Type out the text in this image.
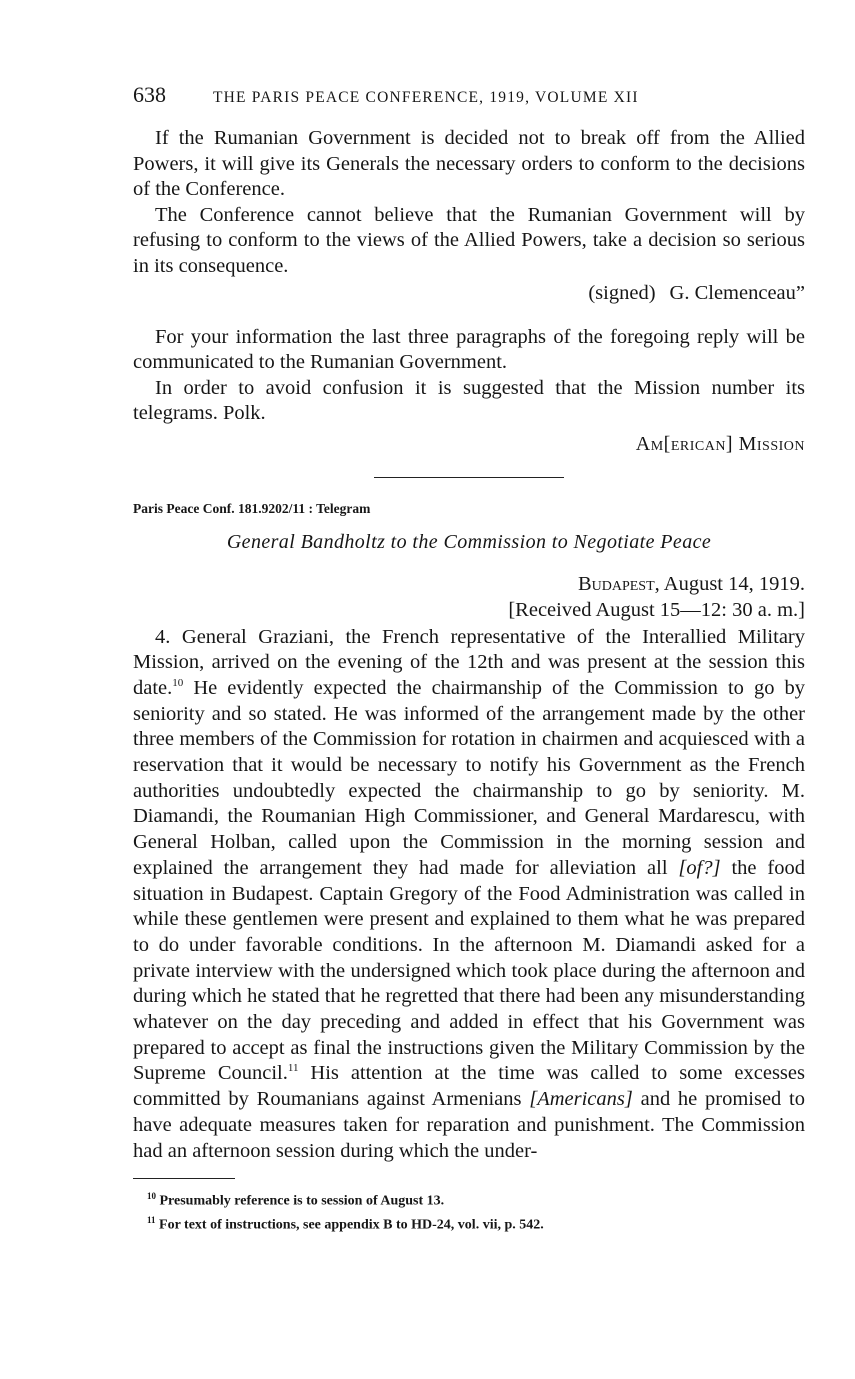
638	THE PARIS PEACE CONFERENCE, 1919, VOLUME XII

If the Rumanian Government is decided not to break off from the Allied Powers, it will give its Generals the necessary orders to conform to the decisions of the Conference.

The Conference cannot believe that the Rumanian Government will by refusing to conform to the views of the Allied Powers, take a decision so serious in its consequence.

(signed) G. Clemenceau”

For your information the last three paragraphs of the foregoing reply will be communicated to the Rumanian Government.

In order to avoid confusion it is suggested that the Mission number its telegrams. Polk.

Am[erican] Mission
Paris Peace Conf. 181.9202/11 : Telegram
General Bandholtz to the Commission to Negotiate Peace
Budapest, August 14, 1919.
[Received August 15—12: 30 a. m.]

4. General Graziani, the French representative of the Interallied Military Mission, arrived on the evening of the 12th and was present at the session this date.$^{10}$ He evidently expected the chairmanship of the Commission to go by seniority and so stated. He was informed of the arrangement made by the other three members of the Commission for rotation in chairmen and acquiesced with a reservation that it would be necessary to notify his Government as the French authorities undoubtedly expected the chairmanship to go by seniority. M. Diamandi, the Roumanian High Commissioner, and General Mardarescu, with General Holban, called upon the Commission in the morning session and explained the arrangement they had made for alleviation all [of?] the food situation in Budapest. Captain Gregory of the Food Administration was called in while these gentlemen were present and explained to them what he was prepared to do under favorable conditions. In the afternoon M. Diamandi asked for a private interview with the undersigned which took place during the afternoon and during which he stated that he regretted that there had been any misunderstanding whatever on the day preceding and added in effect that his Government was prepared to accept as final the instructions given the Military Commission by the Supreme Council.$^{11}$ His attention at the time was called to some excesses committed by Roumanians against Armenians [Americans] and he promised to have adequate measures taken for reparation and punishment. The Commission had an afternoon session during which the under-

$^{10}$ Presumably reference is to session of August 13.
$^{11}$ For text of instructions, see appendix B to HD-24, vol. vii, p. 542.
